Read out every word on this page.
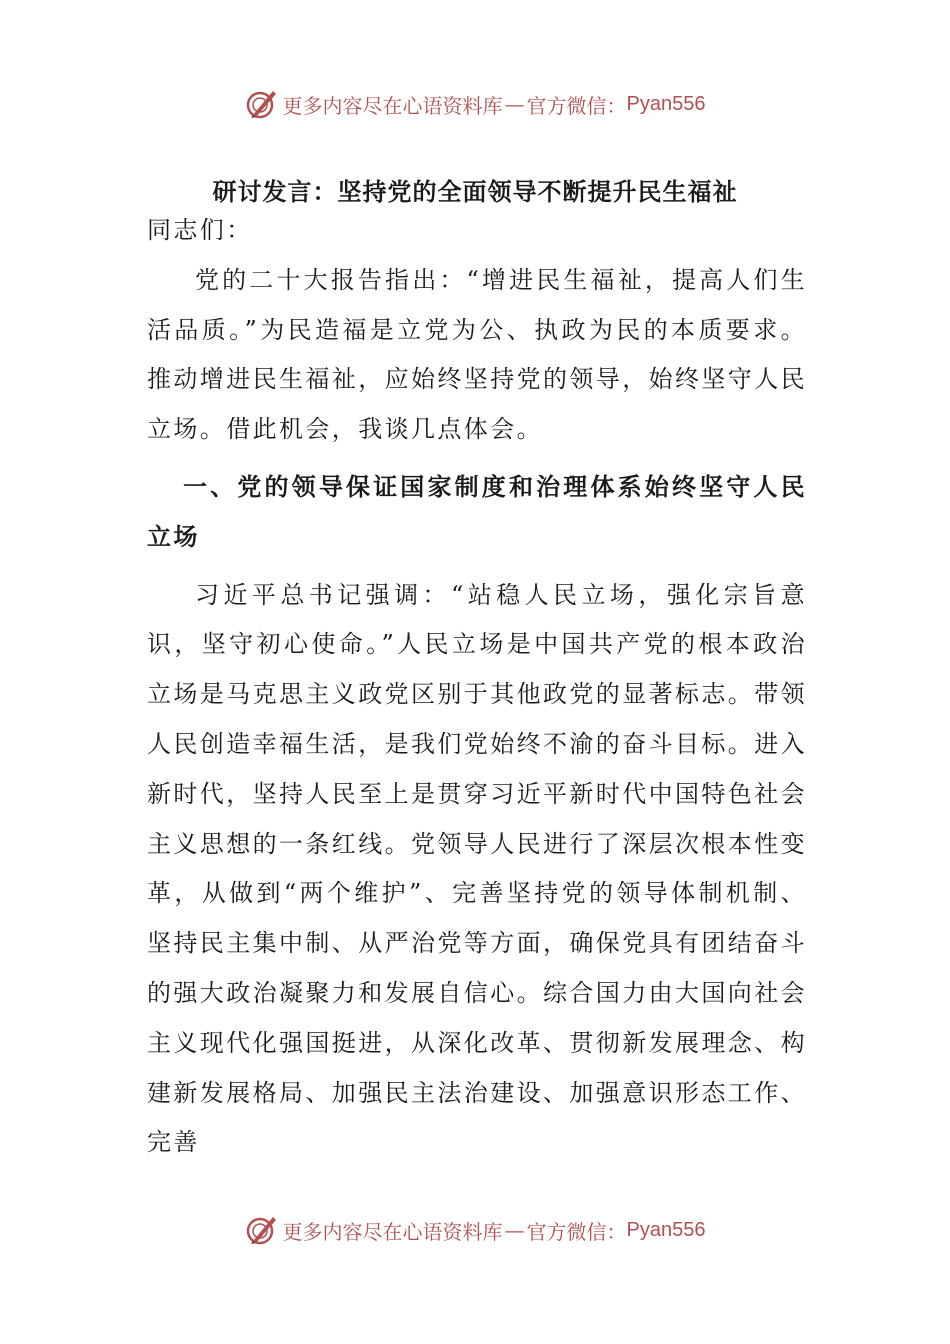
更多内容尽在心语资料库 — 官方微信： Pyan556
研讨发言：坚持党的全面领导不断提升民生福祉

同志们：

党的二十大报告指出：“增进民生福祉，提高人们生活品质。”为民造福是立党为公、执政为民的本质要求。推动增进民生福祉，应始终坚持党的领导，始终坚守人民立场。借此机会，我谈几点体会。

一、党的领导保证国家制度和治理体系始终坚守人民立场

习近平总书记强调：“站稳人民立场，强化宗旨意识，坚守初心使命。”人民立场是中国共产党的根本政治立场是马克思主义政党区别于其他政党的显著标志。带领人民创造幸福生活，是我们党始终不渝的奋斗目标。进入新时代，坚持人民至上是贯穿习近平新时代中国特色社会主义思想的一条红线。党领导人民进行了深层次根本性变革，从做到“两个维护”、完善坚持党的领导体制机制、坚持民主集中制、从严治党等方面，确保党具有团结奋斗的强大政治凝聚力和发展自信心。综合国力由大国向社会主义现代化强国挺进，从深化改革、贯彻新发展理念、构建新发展格局、加强民主法治建设、加强意识形态工作、完善

更多内容尽在心语资料库 — 官方微信： Pyan556
